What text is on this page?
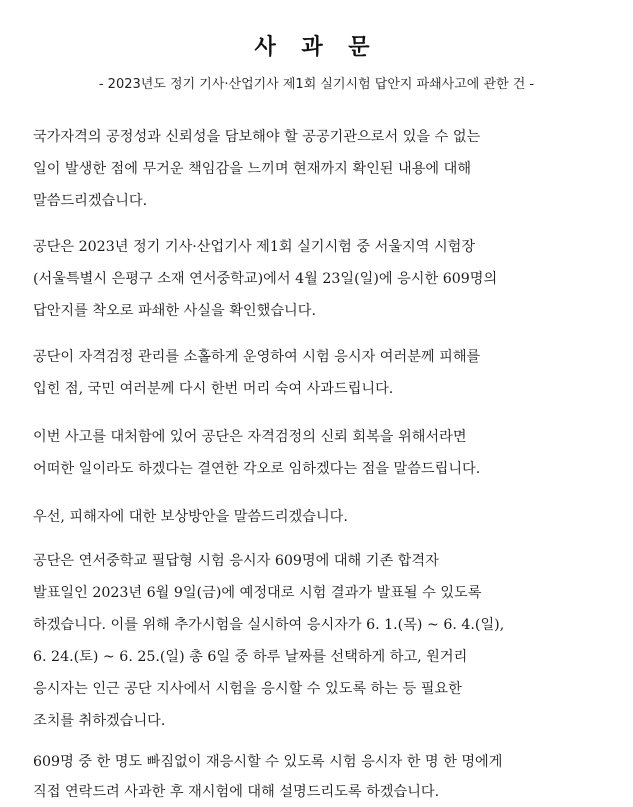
사 과 문
- 2023년도 정기 기사·산업기사 제1회 실기시험 답안지 파쇄사고에 관한 건 -
국가자격의 공정성과 신뢰성을 담보해야 할 공공기관으로서 있을 수 없는
일이 발생한 점에 무거운 책임감을 느끼며 현재까지 확인된 내용에 대해
말씀드리겠습니다.
공단은 2023년 정기 기사·산업기사 제1회 실기시험 중 서울지역 시험장
(서울특별시 은평구 소재 연서중학교)에서 4월 23일(일)에 응시한 609명의
답안지를 착오로 파쇄한 사실을 확인했습니다.
공단이 자격검정 관리를 소홀하게 운영하여 시험 응시자 여러분께 피해를
입힌 점, 국민 여러분께 다시 한번 머리 숙여 사과드립니다.
이번 사고를 대처함에 있어 공단은 자격검정의 신뢰 회복을 위해서라면
어떠한 일이라도 하겠다는 결연한 각오로 임하겠다는 점을 말씀드립니다.
우선, 피해자에 대한 보상방안을 말씀드리겠습니다.
공단은 연서중학교 필답형 시험 응시자 609명에 대해 기존 합격자
발표일인 2023년 6월 9일(금)에 예정대로 시험 결과가 발표될 수 있도록
하겠습니다. 이를 위해 추가시험을 실시하여 응시자가 6. 1.(목) ~ 6. 4.(일),
6. 24.(토) ~ 6. 25.(일) 총 6일 중 하루 날짜를 선택하게 하고, 원거리
응시자는 인근 공단 지사에서 시험을 응시할 수 있도록 하는 등 필요한
조치를 취하겠습니다.
609명 중 한 명도 빠짐없이 재응시할 수 있도록 시험 응시자 한 명 한 명에게
직접 연락드려 사과한 후 재시험에 대해 설명드리도록 하겠습니다.
